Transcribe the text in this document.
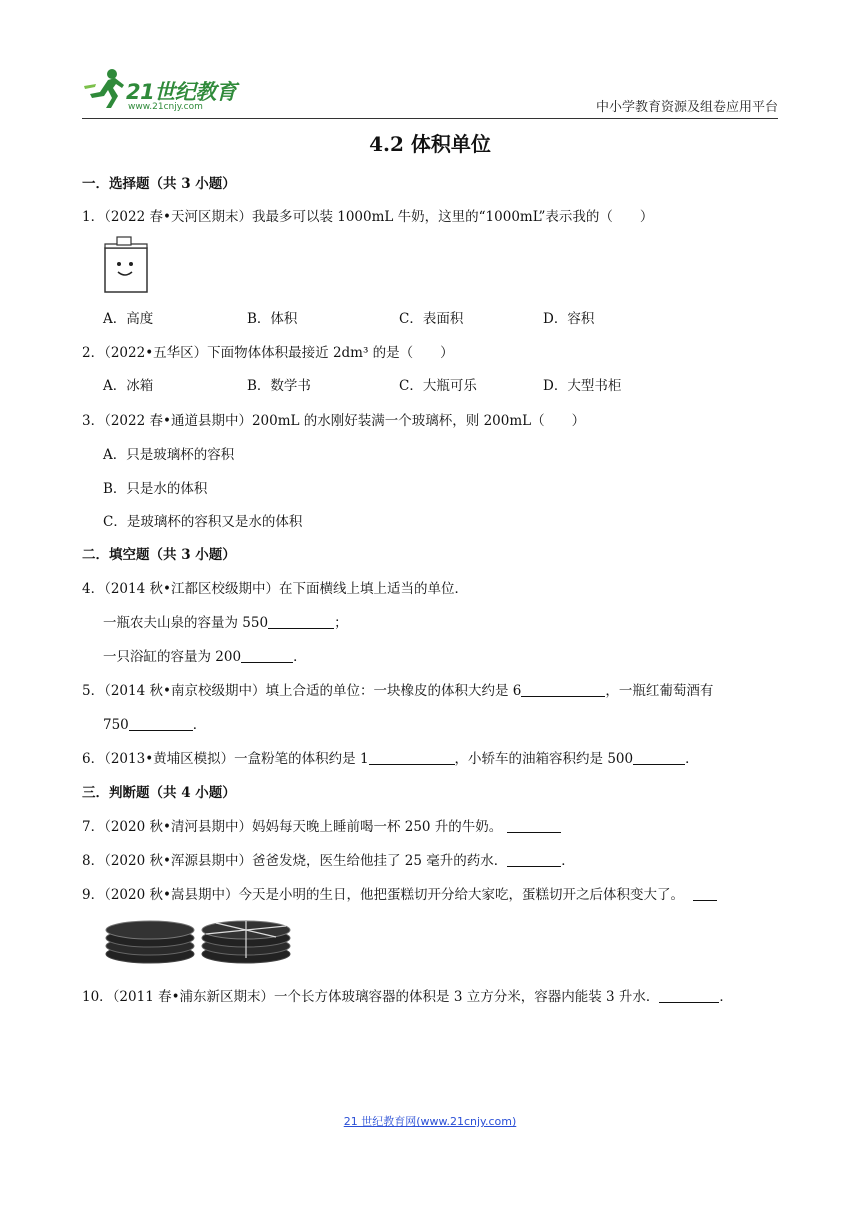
21世纪教育
www.21cnjy.com	中小学教育资源及组卷应用平台
4.2 体积单位
一．选择题（共 3 小题）
1．（2022 春•天河区期末）我最多可以装 1000mL 牛奶，这里的“1000mL”表示我的（　　）
A．高度	B．体积	C．表面积	D．容积
2．（2022•五华区）下面物体体积最接近 2dm³ 的是（　　）
A．冰箱	B．数学书	C．大瓶可乐	D．大型书柜
3．（2022 春•通道县期中）200mL 的水刚好装满一个玻璃杯，则 200mL（　　）
A．只是玻璃杯的容积
B．只是水的体积
C．是玻璃杯的容积又是水的体积
二．填空题（共 3 小题）
4．（2014 秋•江都区校级期中）在下面横线上填上适当的单位．
一瓶农夫山泉的容量为 550	；
一只浴缸的容量为 200	．
5．（2014 秋•南京校级期中）填上合适的单位：一块橡皮的体积大约是 6	，一瓶红葡萄酒有
750	．
6．（2013•黄埔区模拟）一盒粉笔的体积约是 1	，小轿车的油箱容积约是 500	．
三．判断题（共 4 小题）
7．（2020 秋•清河县期中）妈妈每天晚上睡前喝一杯 250 升的牛奶。
8．（2020 秋•浑源县期中）爸爸发烧，医生给他挂了 25 毫升的药水．	．
9．（2020 秋•嵩县期中）今天是小明的生日，他把蛋糕切开分给大家吃，蛋糕切开之后体积变大了。
10．（2011 春•浦东新区期末）一个长方体玻璃容器的体积是 3 立方分米，容器内能装 3 升水．	．
21 世纪教育网(www.21cnjy.com)
